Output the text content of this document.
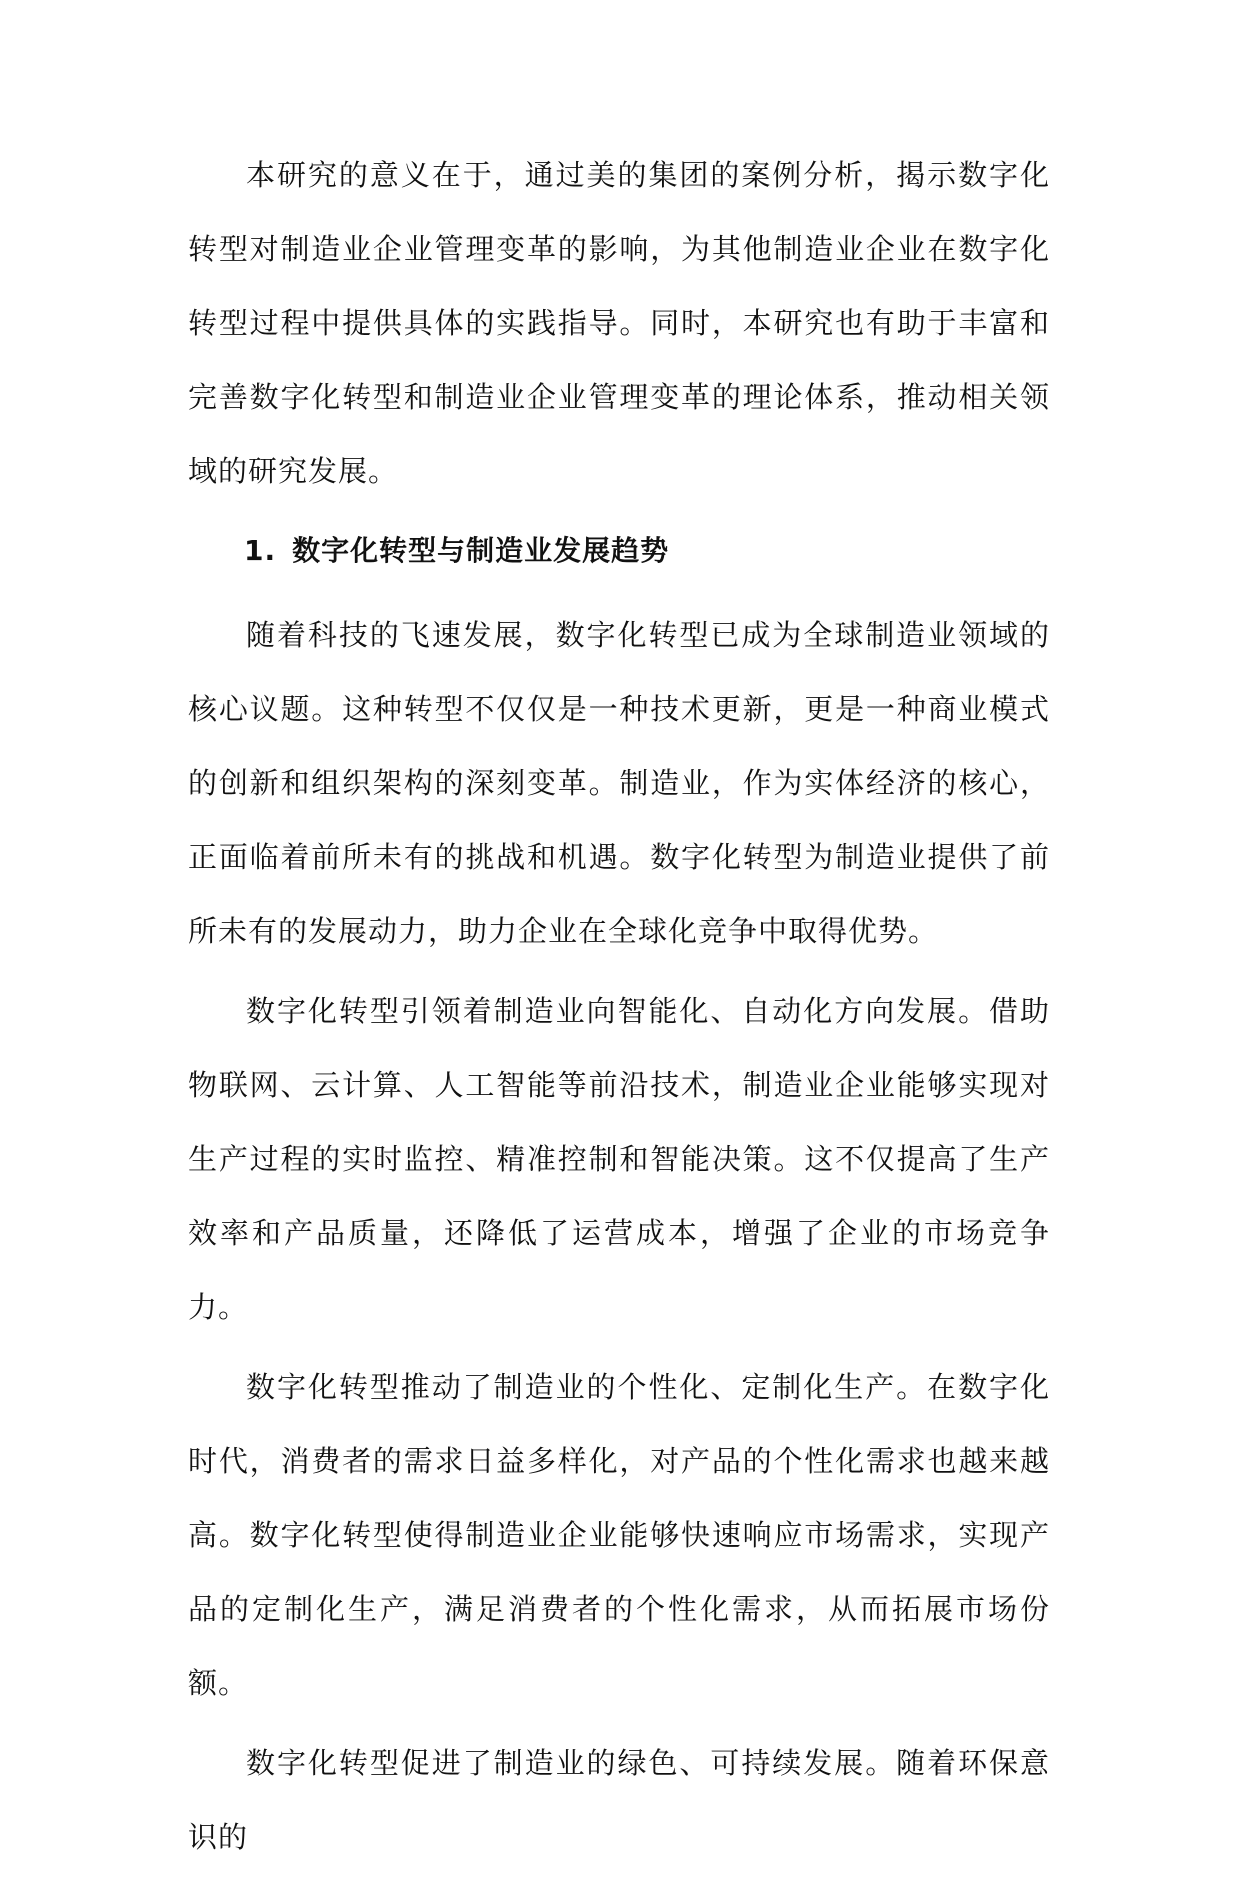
本研究的意义在于，通过美的集团的案例分析，揭示数字化转型对制造业企业管理变革的影响，为其他制造业企业在数字化转型过程中提供具体的实践指导。同时，本研究也有助于丰富和完善数字化转型和制造业企业管理变革的理论体系，推动相关领域的研究发展。

1. 数字化转型与制造业发展趋势

随着科技的飞速发展，数字化转型已成为全球制造业领域的核心议题。这种转型不仅仅是一种技术更新，更是一种商业模式的创新和组织架构的深刻变革。制造业，作为实体经济的核心，正面临着前所未有的挑战和机遇。数字化转型为制造业提供了前所未有的发展动力，助力企业在全球化竞争中取得优势。

数字化转型引领着制造业向智能化、自动化方向发展。借助物联网、云计算、人工智能等前沿技术，制造业企业能够实现对生产过程的实时监控、精准控制和智能决策。这不仅提高了生产效率和产品质量，还降低了运营成本，增强了企业的市场竞争力。

数字化转型推动了制造业的个性化、定制化生产。在数字化时代，消费者的需求日益多样化，对产品的个性化需求也越来越高。数字化转型使得制造业企业能够快速响应市场需求，实现产品的定制化生产，满足消费者的个性化需求，从而拓展市场份额。

数字化转型促进了制造业的绿色、可持续发展。随着环保意识的
